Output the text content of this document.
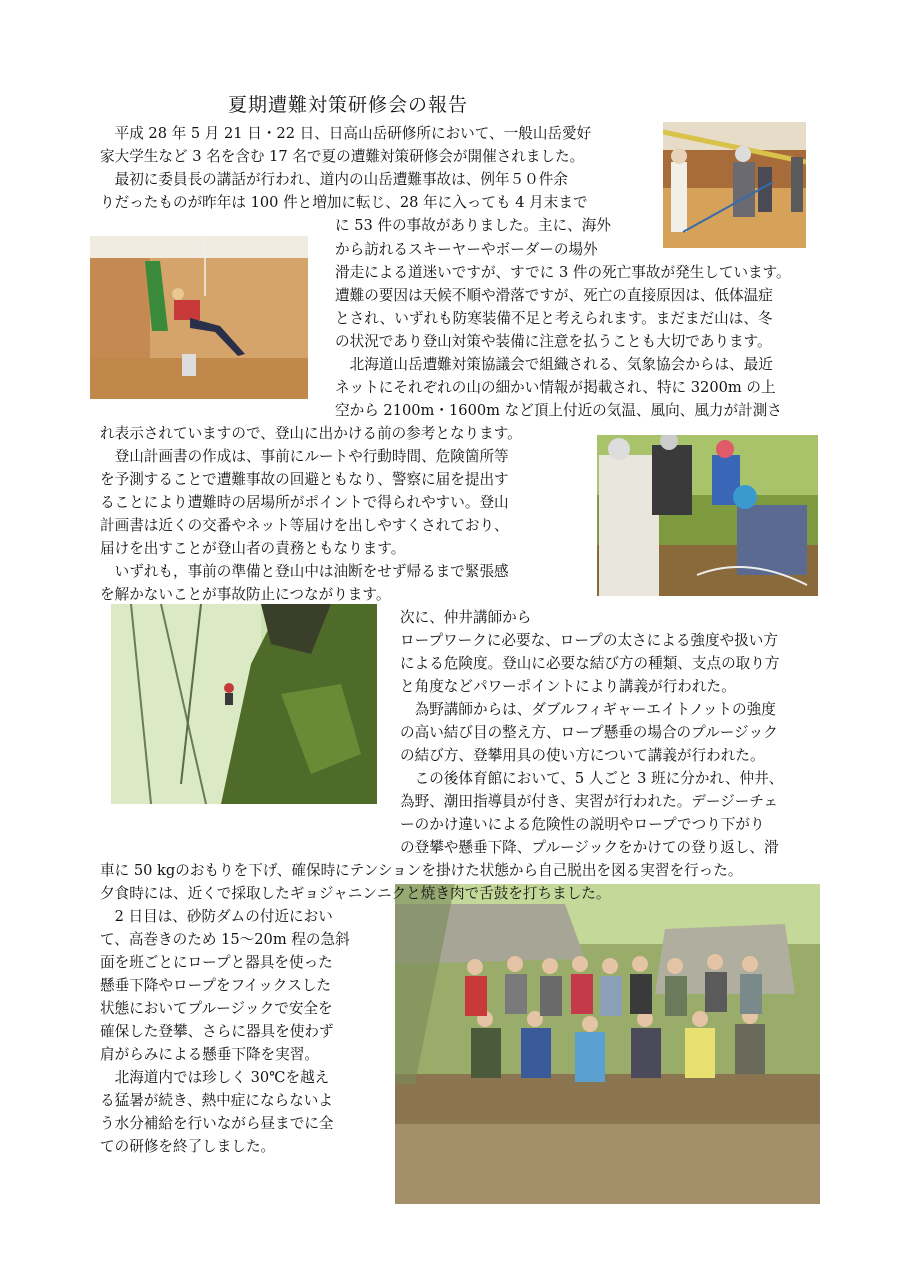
夏期遭難対策研修会の報告
　平成 28 年 5 月 21 日・22 日、日高山岳研修所において、一般山岳愛好
家大学生など 3 名を含む 17 名で夏の遭難対策研修会が開催されました。
　最初に委員長の講話が行われ、道内の山岳遭難事故は、例年５０件余
りだったものが昨年は 100 件と増加に転じ、28 年に入っても 4 月末まで
に 53 件の事故がありました。主に、海外
から訪れるスキーヤーやボーダーの場外
滑走による道迷いですが、すでに 3 件の死亡事故が発生しています。
遭難の要因は天候不順や滑落ですが、死亡の直接原因は、低体温症
とされ、いずれも防寒装備不足と考えられます。まだまだ山は、冬
の状況であり登山対策や装備に注意を払うことも大切であります。
　北海道山岳遭難対策協議会で組織される、気象協会からは、最近
ネットにそれぞれの山の細かい情報が掲載され、特に 3200m の上
空から 2100m・1600m など頂上付近の気温、風向、風力が計測さ
れ表示されていますので、登山に出かける前の参考となります。
　登山計画書の作成は、事前にルートや行動時間、危険箇所等
を予測することで遭難事故の回避ともなり、警察に届を提出す
ることにより遭難時の居場所がポイントで得られやすい。登山
計画書は近くの交番やネット等届けを出しやすくされており、
届けを出すことが登山者の責務ともなります。
　いずれも，事前の準備と登山中は油断をせず帰るまで緊張感
を解かないことが事故防止につながります。
次に、仲井講師から
ロープワークに必要な、ロープの太さによる強度や扱い方
による危険度。登山に必要な結び方の種類、支点の取り方
と角度などパワーポイントにより講義が行われた。
　為野講師からは、ダブルフィギャーエイトノットの強度
の高い結び目の整え方、ロープ懸垂の場合のプルージック
の結び方、登攀用具の使い方について講義が行われた。
　この後体育館において、5 人ごと 3 班に分かれ、仲井、
為野、潮田指導員が付き、実習が行われた。デージーチェ
ーのかけ違いによる危険性の説明やロープでつり下がり
の登攀や懸垂下降、プルージックをかけての登り返し、滑
車に 50 kgのおもりを下げ、確保時にテンションを掛けた状態から自己脱出を図る実習を行った。
夕食時には、近くで採取したギョジャニンニクと焼き肉で舌鼓を打ちました。
　2 日目は、砂防ダムの付近におい
て、高巻きのため 15～20m 程の急斜
面を班ごとにロープと器具を使った
懸垂下降やロープをフイックスした
状態においてプルージックで安全を
確保した登攀、さらに器具を使わず
肩がらみによる懸垂下降を実習。
　北海道内では珍しく 30℃を越え
る猛暑が続き、熱中症にならないよ
う水分補給を行いながら昼までに全
ての研修を終了しました。
